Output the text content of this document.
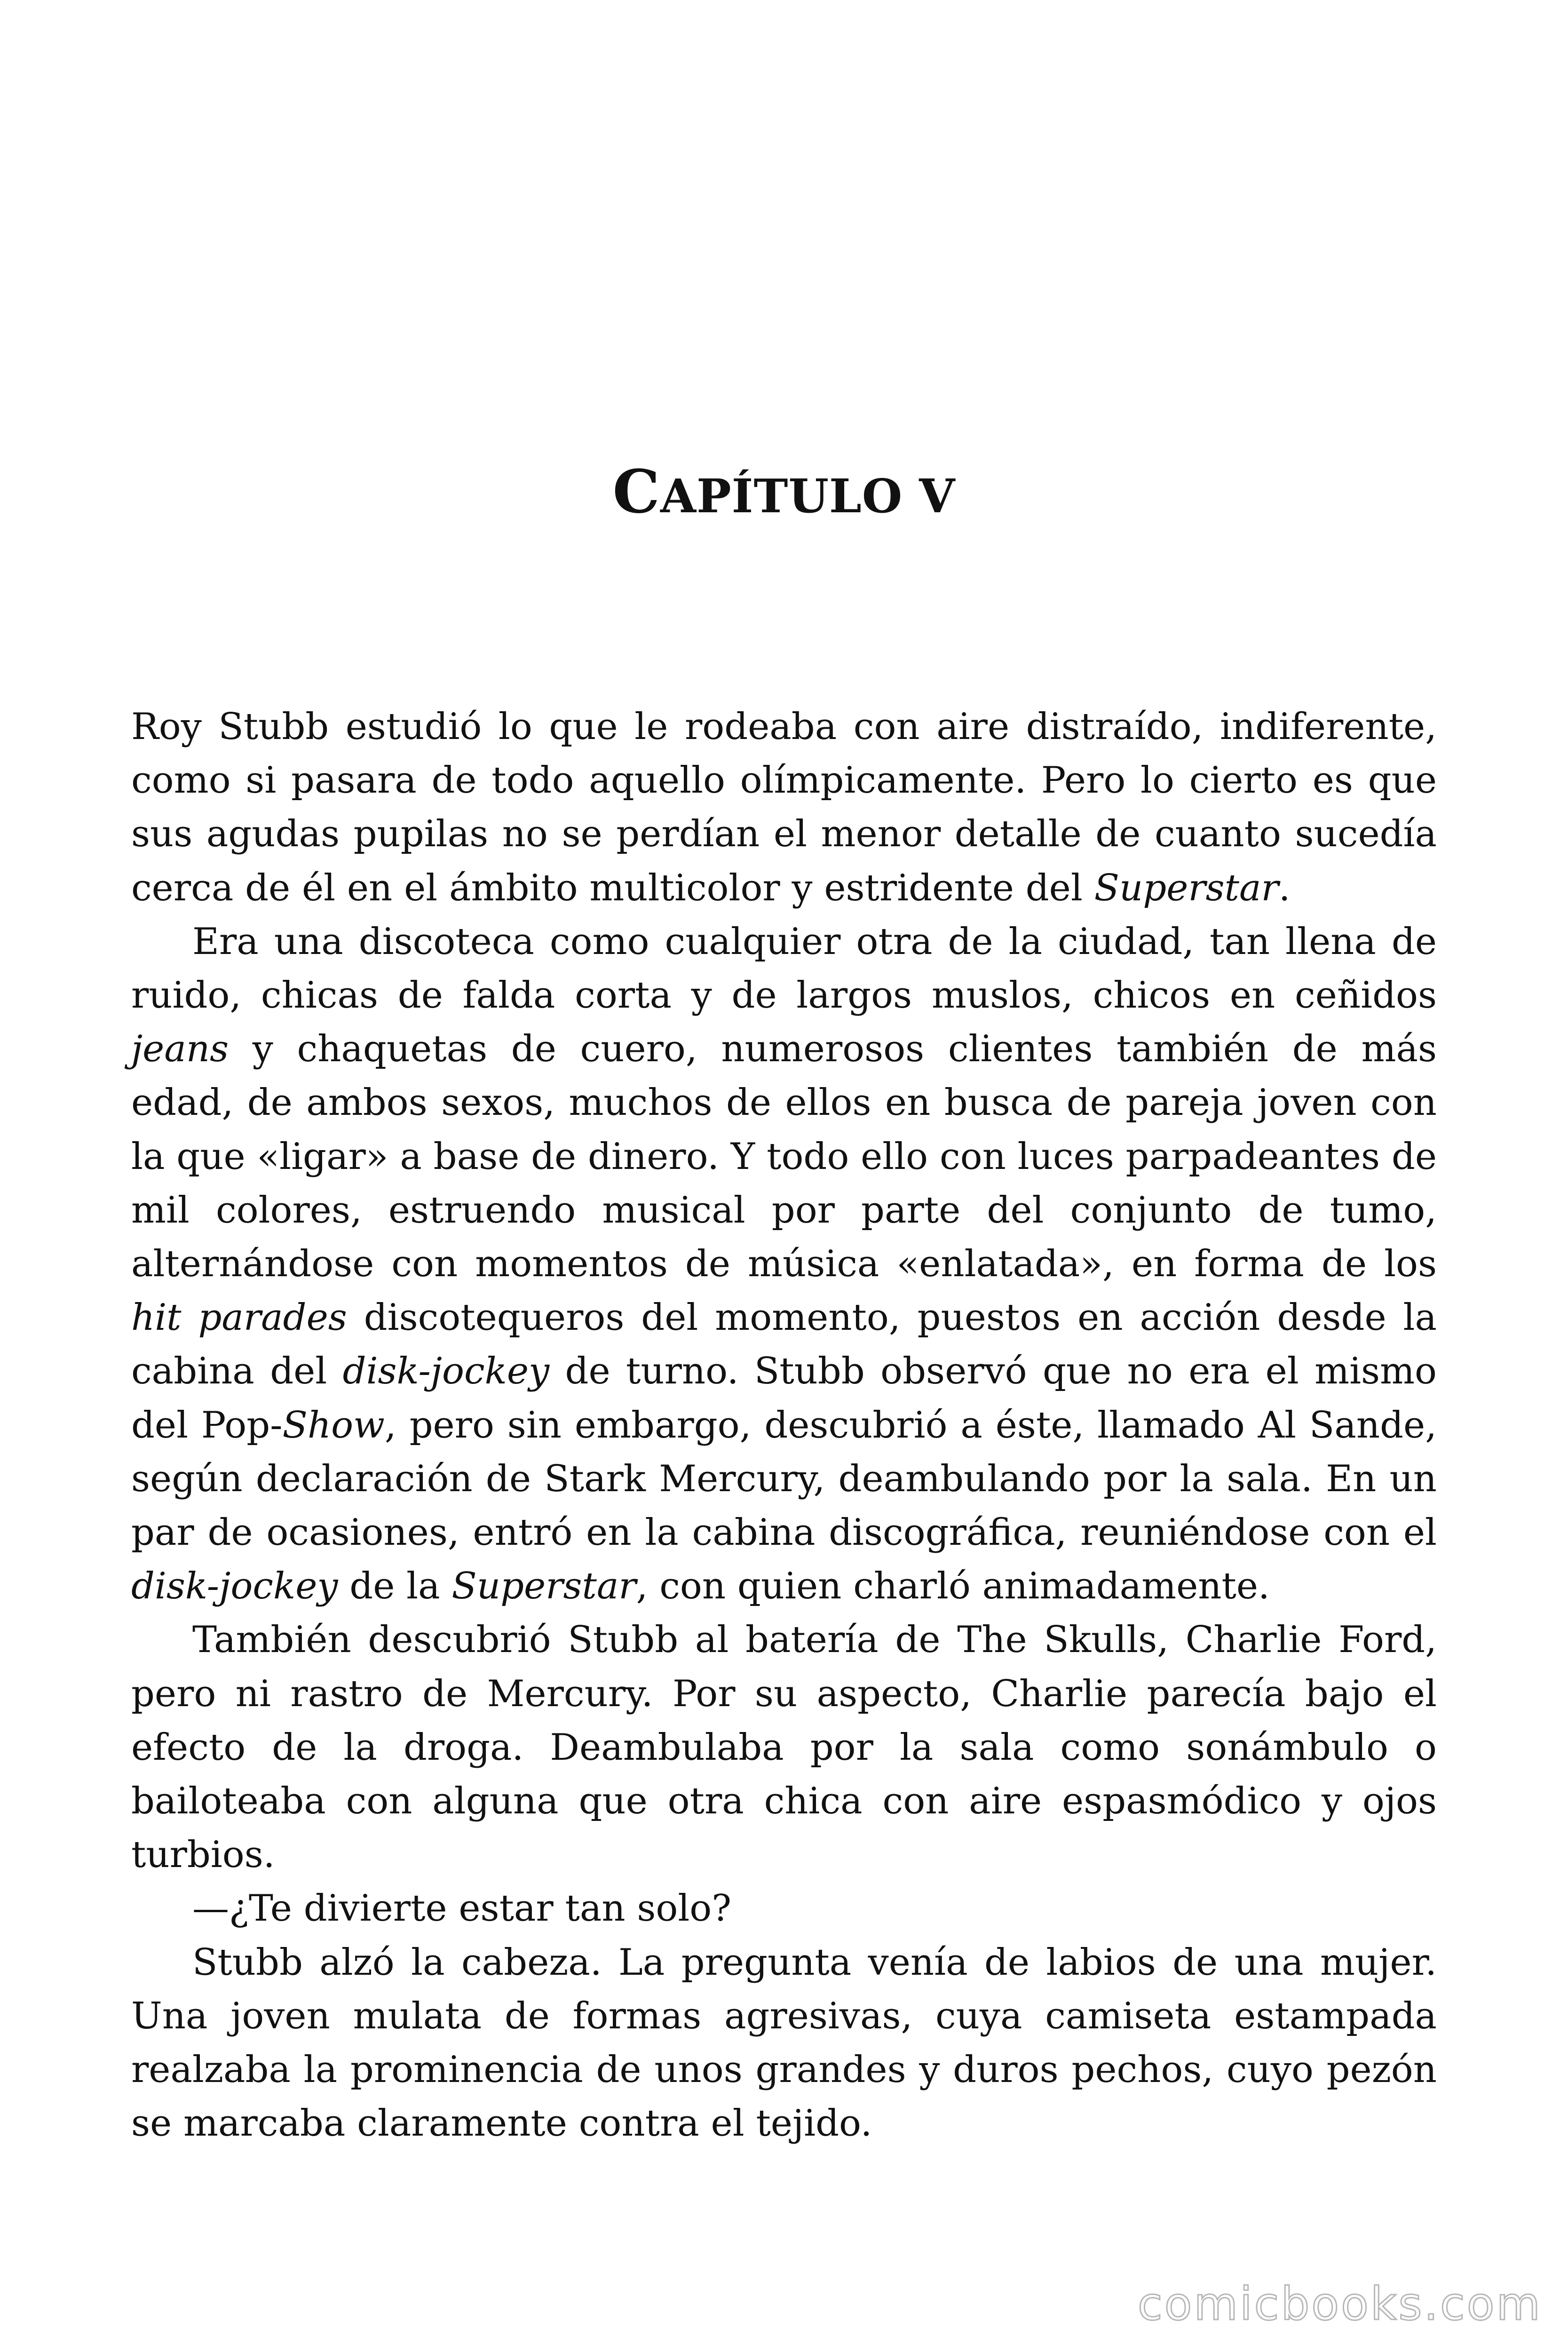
CAPÍTULO V

Roy Stubb estudió lo que le rodeaba con aire distraído, indiferente, como si pasara de todo aquello olímpicamente. Pero lo cierto es que sus agudas pupilas no se perdían el menor detalle de cuanto sucedía cerca de él en el ámbito multicolor y estridente del Superstar.

Era una discoteca como cualquier otra de la ciudad, tan llena de ruido, chicas de falda corta y de largos muslos, chicos en ceñidos jeans y chaquetas de cuero, numerosos clientes también de más edad, de ambos sexos, muchos de ellos en busca de pareja joven con la que «ligar» a base de dinero. Y todo ello con luces parpadeantes de mil colores, estruendo musical por parte del conjunto de tumo, alternándose con momentos de música «enlatada», en forma de los hit parades discotequeros del momento, puestos en acción desde la cabina del disk-jockey de turno. Stubb observó que no era el mismo del Pop-Show, pero sin embargo, descubrió a éste, llamado Al Sande, según declaración de Stark Mercury, deambulando por la sala. En un par de ocasiones, entró en la cabina discográfica, reuniéndose con el disk-jockey de la Superstar, con quien charló animadamente.

También descubrió Stubb al batería de The Skulls, Charlie Ford, pero ni rastro de Mercury. Por su aspecto, Charlie parecía bajo el efecto de la droga. Deambulaba por la sala como sonámbulo o bailoteaba con alguna que otra chica con aire espasmódico y ojos turbios.

—¿Te divierte estar tan solo?

Stubb alzó la cabeza. La pregunta venía de labios de una mujer. Una joven mulata de formas agresivas, cuya camiseta estampada realzaba la prominencia de unos grandes y duros pechos, cuyo pezón se marcaba claramente contra el tejido.

comicbooks.com
